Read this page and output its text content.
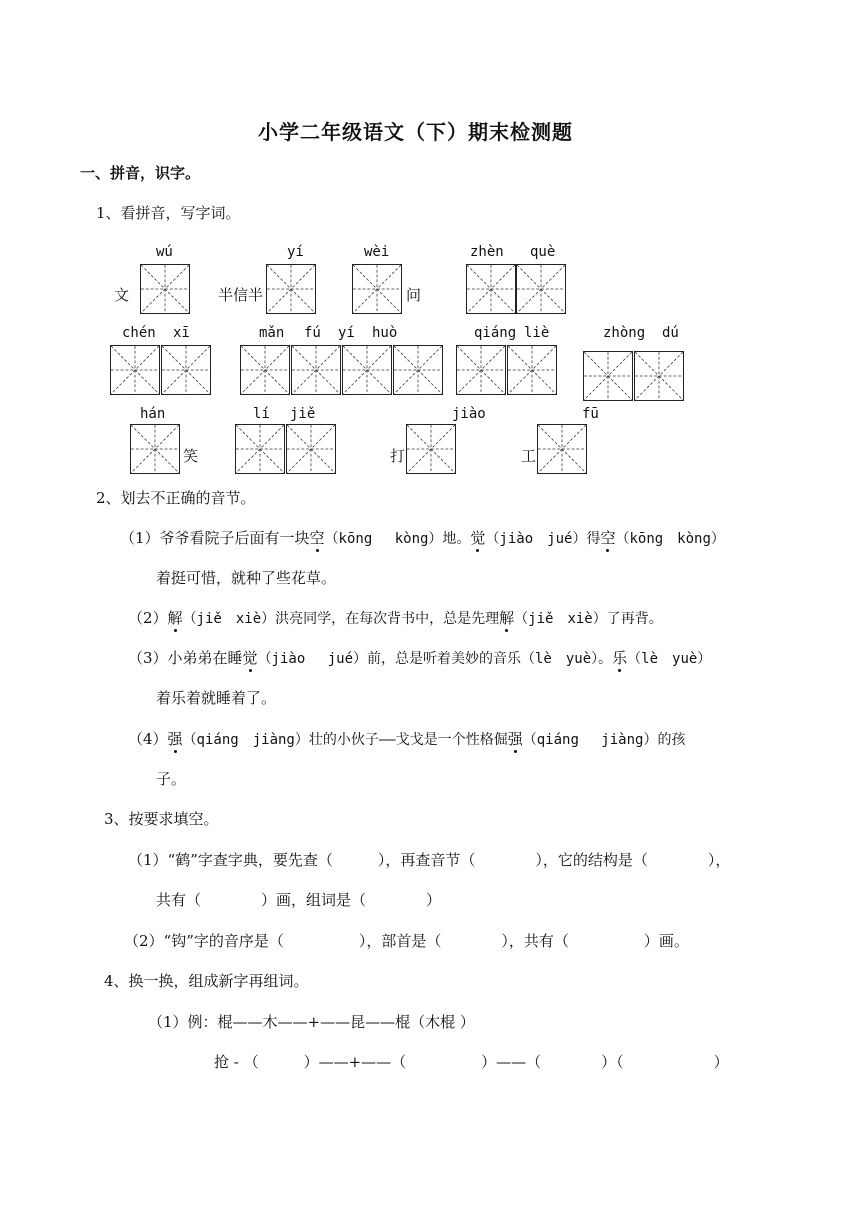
小学二年级语文（下）期末检测题
一、拼音，识字。
1、看拼音，写字词。
wú	yí	wèi	zhèn què
文	半信半	问
chén xī	mǎn fú yí huò	qiáng liè	zhòng dú
hán	lí jiě	jiào	fū
笑	打	工
2、划去不正确的音节。
（1）爷爷看院子后面有一块空（kōng　 kòng）地。觉（jiào　jué）得空（kōng　kòng）
着挺可惜，就种了些花草。
（2）解（jiě　xiè）洪亮同学，在每次背书中，总是先理解（jiě　xiè）了再背。
（3）小弟弟在睡觉（jiào　 jué）前，总是听着美妙的音乐（lè　yuè）。乐（lè　yuè）
着乐着就睡着了。
（4）强（qiáng　jiàng）壮的小伙子——戈戈是一个性格倔强（qiáng　 jiàng）的孩
子。
3、按要求填空。
（1）“鹤”字查字典，要先查（　　　），再查音节（　　　　），它的结构是（　　　　），
共有（　　　　）画，组词是（　　　　）
（2）“钩”字的音序是（　　　　　），部首是（　　　　），共有（　　　　　）画。
4、换一换，组成新字再组词。
（1）例：棍——木——+——昆——棍（木棍 ）
抢 - （　　　）——+——（　　　　　）——（　　　　）（　　　　　　）
